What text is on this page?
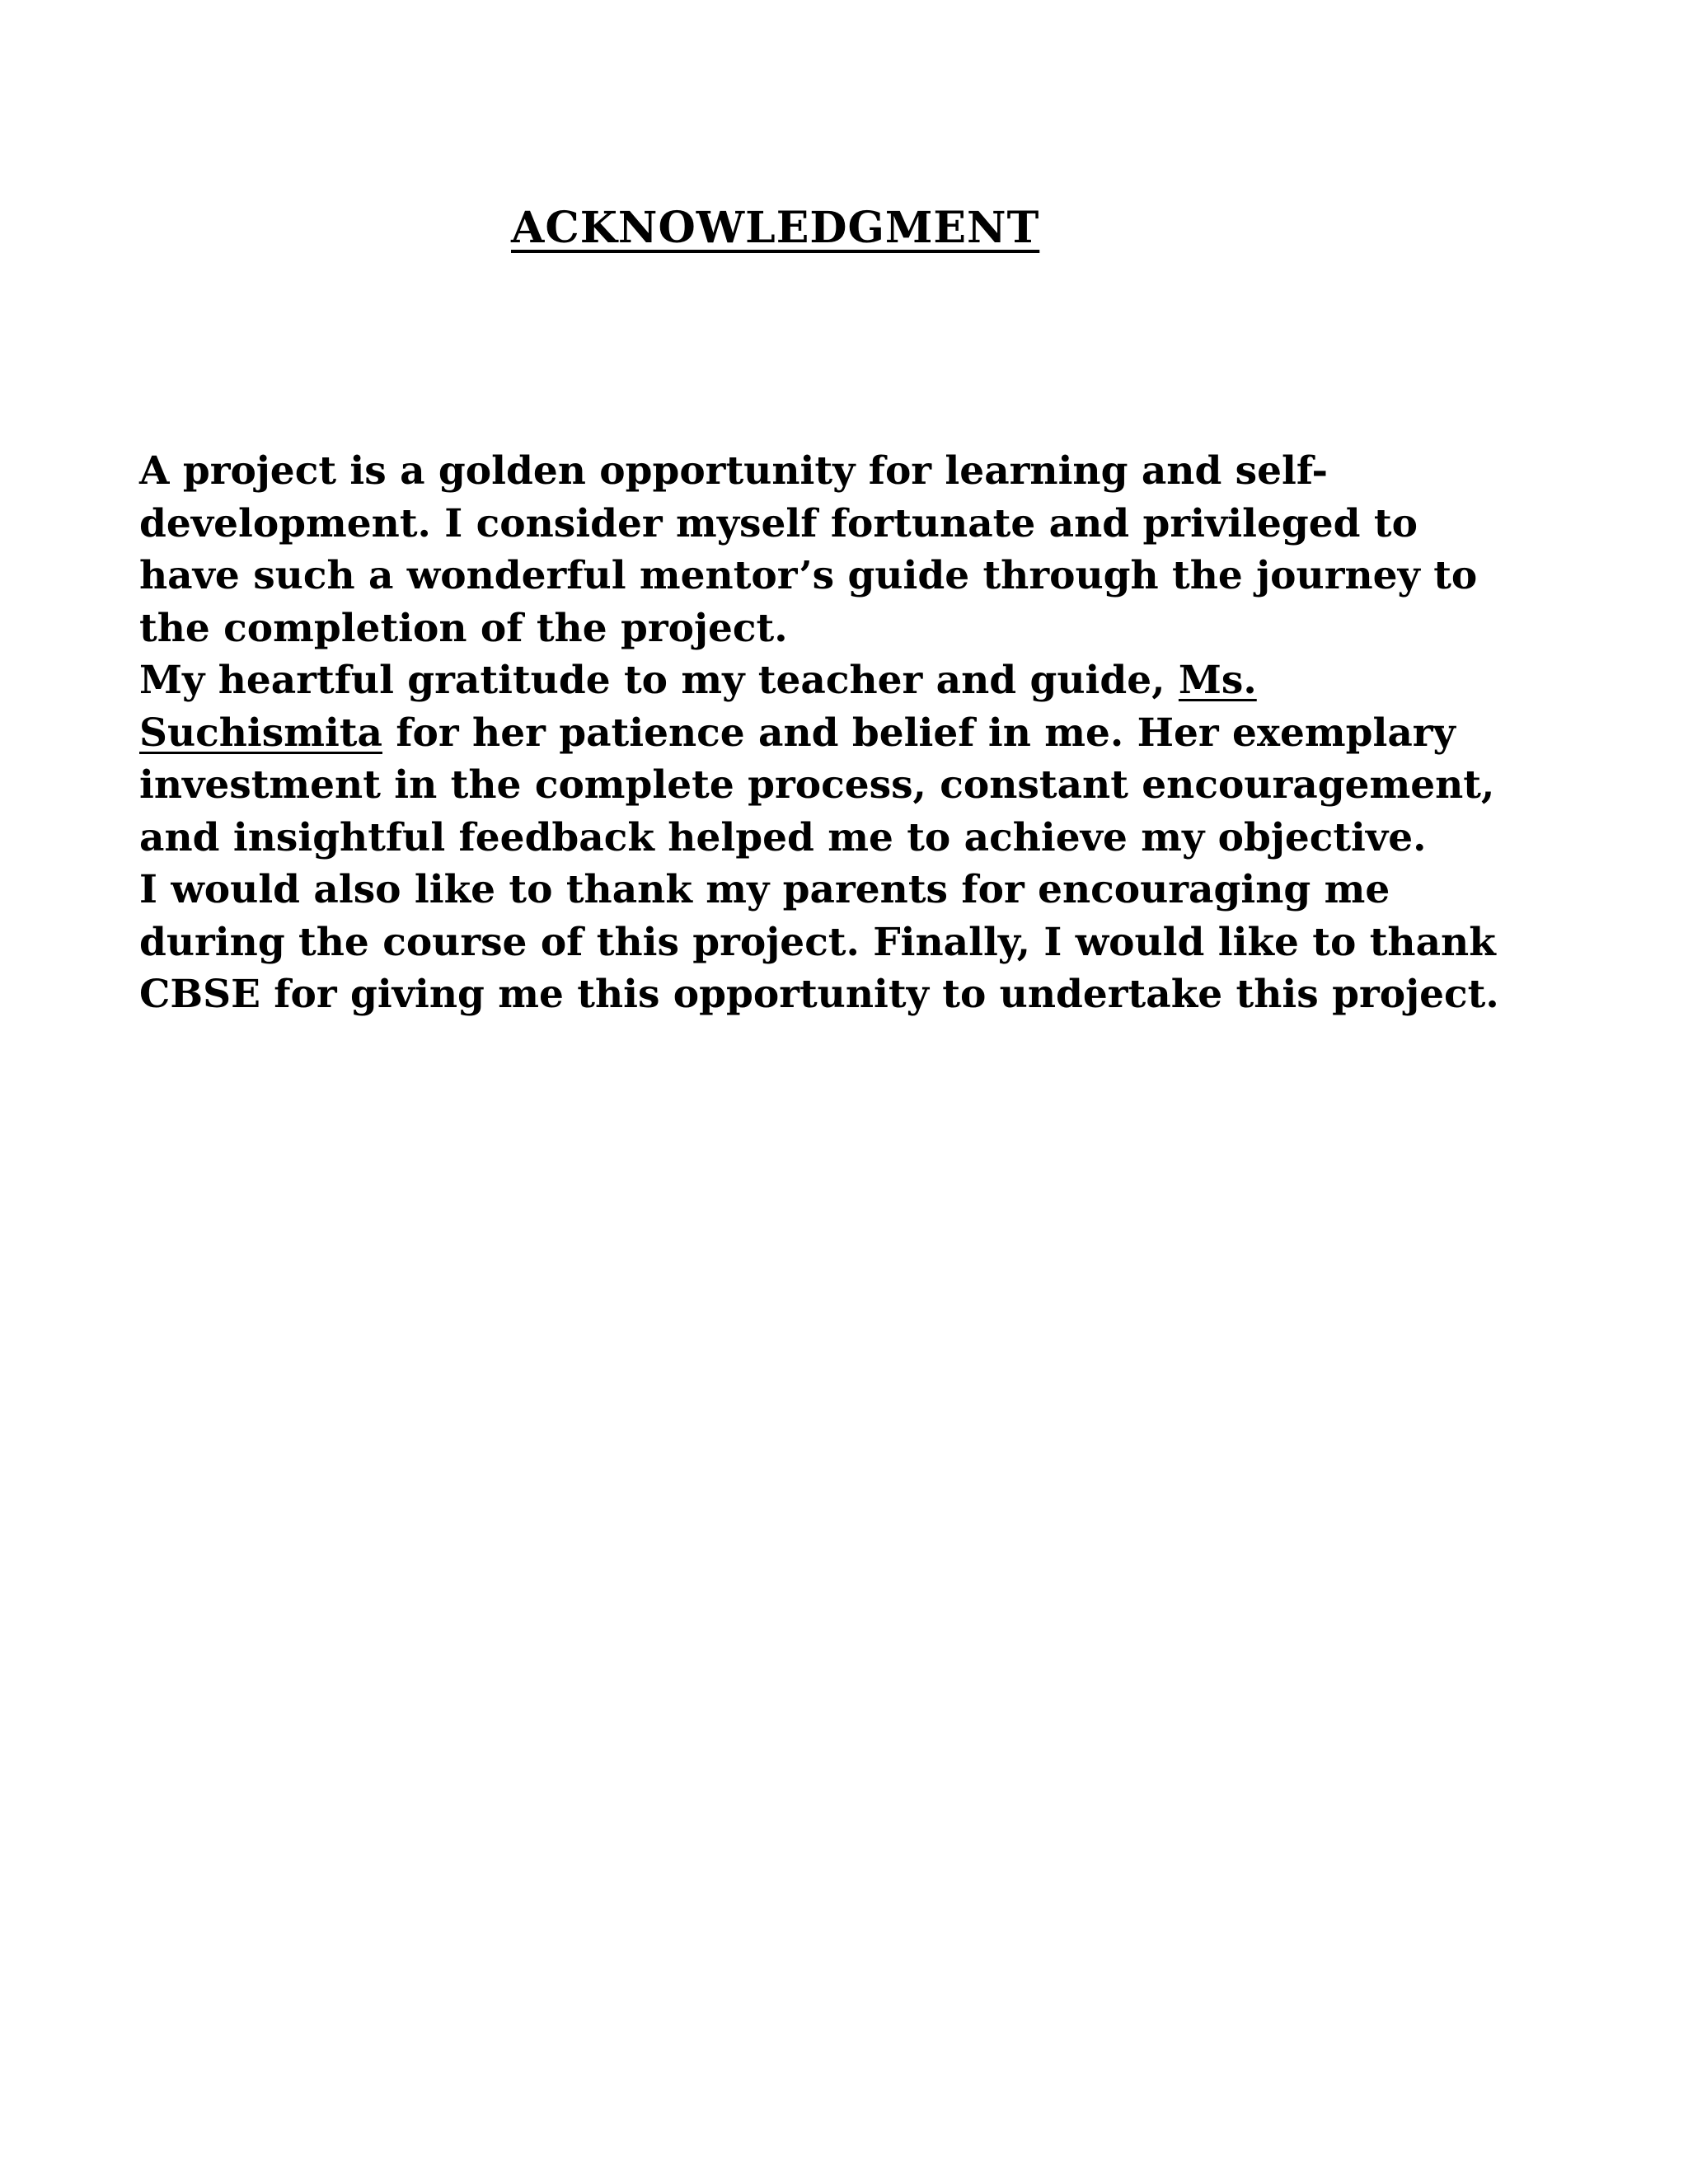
ACKNOWLEDGMENT
A project is a golden opportunity for learning and self-
development. I consider myself fortunate and privileged to
have such a wonderful mentor’s guide through the journey to
the completion of the project.
My heartful gratitude to my teacher and guide, Ms.
Suchismita for her patience and belief in me. Her exemplary
investment in the complete process, constant encouragement,
and insightful feedback helped me to achieve my objective.
I would also like to thank my parents for encouraging me
during the course of this project. Finally, I would like to thank
CBSE for giving me this opportunity to undertake this project.
